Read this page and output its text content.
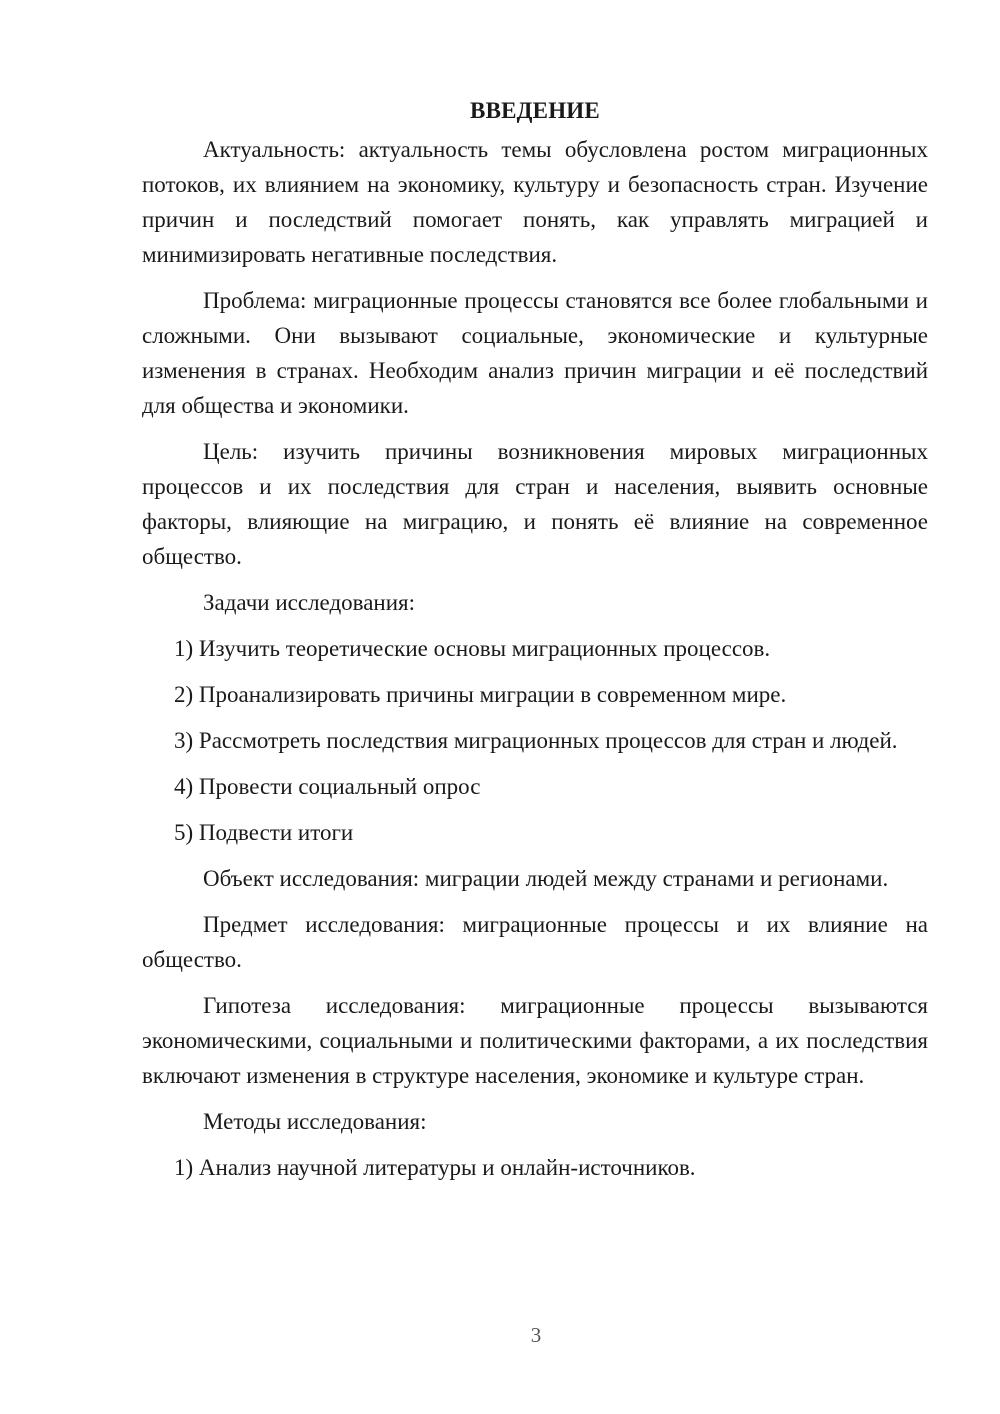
ВВЕДЕНИЕ

Актуальность: актуальность темы обусловлена ростом миграционных потоков, их влиянием на экономику, культуру и безопасность стран. Изучение причин и последствий помогает понять, как управлять миграцией и минимизировать негативные последствия.

Проблема: миграционные процессы становятся все более глобальными и сложными. Они вызывают социальные, экономические и культурные изменения в странах. Необходим анализ причин миграции и её последствий для общества и экономики.

Цель: изучить причины возникновения мировых миграционных процессов и их последствия для стран и населения, выявить основные факторы, влияющие на миграцию, и понять её влияние на современное общество.

Задачи исследования:

1) Изучить теоретические основы миграционных процессов.

2) Проанализировать причины миграции в современном мире.

3) Рассмотреть последствия миграционных процессов для стран и людей.

4) Провести социальный опрос

5) Подвести итоги

Объект исследования: миграции людей между странами и регионами.

Предмет исследования: миграционные процессы и их влияние на общество.

Гипотеза исследования: миграционные процессы вызываются экономическими, социальными и политическими факторами, а их последствия включают изменения в структуре населения, экономике и культуре стран.

Методы исследования:

1) Анализ научной литературы и онлайн-источников.

3
